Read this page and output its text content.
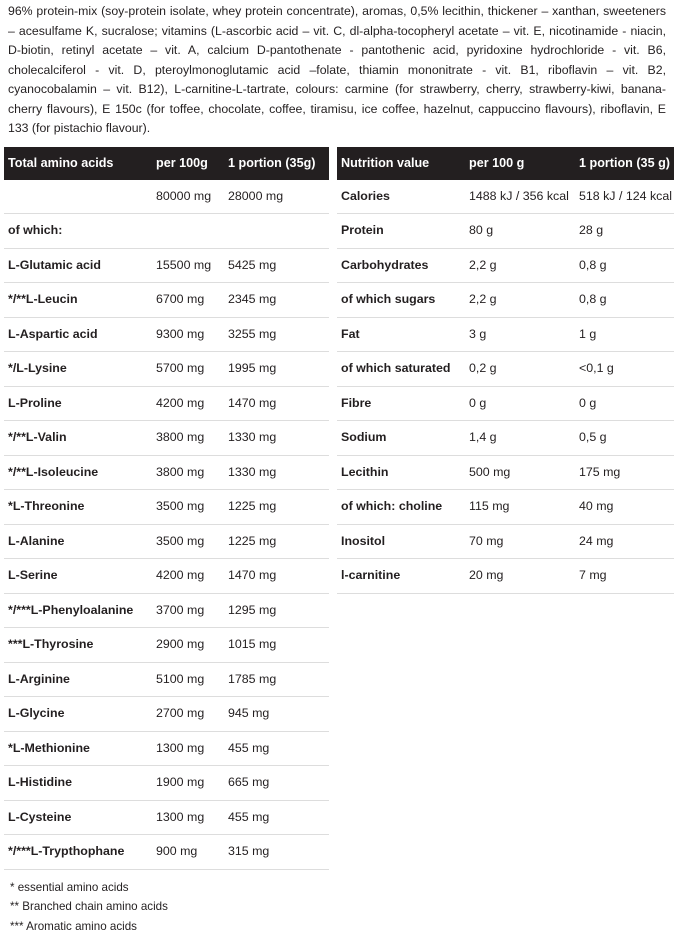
96% protein-mix (soy-protein isolate, whey protein concentrate), aromas, 0,5% lecithin, thickener – xanthan, sweeteners – acesulfame K, sucralose; vitamins (L-ascorbic acid – vit. C, dl-alpha-tocopheryl acetate – vit. E, nicotinamide - niacin, D-biotin, retinyl acetate – vit. A, calcium D-pantothenate - pantothenic acid, pyridoxine hydrochloride - vit. B6, cholecalciferol - vit. D, pteroylmonoglutamic acid –folate, thiamin mononitrate - vit. B1, riboflavin – vit. B2, cyanocobalamin – vit. B12), L-carnitine-L-tartrate, colours: carmine (for strawberry, cherry, strawberry-kiwi, banana-cherry flavours), E 150c (for toffee, chocolate, coffee, tiramisu, ice coffee, hazelnut, cappuccino flavours), riboflavin, E 133 (for pistachio flavour).
Total amino acids	per 100g	1 portion (35g)
	80000 mg	28000 mg
of which:		
L-Glutamic acid	15500 mg	5425 mg
*/**L-Leucin	6700 mg	2345 mg
L-Aspartic acid	9300 mg	3255 mg
*/L-Lysine	5700 mg	1995 mg
L-Proline	4200 mg	1470 mg
*/**L-Valin	3800 mg	1330 mg
*/**L-Isoleucine	3800 mg	1330 mg
*L-Threonine	3500 mg	1225 mg
L-Alanine	3500 mg	1225 mg
L-Serine	4200 mg	1470 mg
*/***L-Phenyloalanine	3700 mg	1295 mg
***L-Thyrosine	2900 mg	1015 mg
L-Arginine	5100 mg	1785 mg
L-Glycine	2700 mg	945 mg
*L-Methionine	1300 mg	455 mg
L-Histidine	1900 mg	665 mg
L-Cysteine	1300 mg	455 mg
*/***L-Trypthophane	900 mg	315 mg
Nutrition value	per 100 g	1 portion (35 g)
Calories	1488 kJ / 356 kcal	518 kJ / 124 kcal
Protein	80 g	28 g
Carbohydrates	2,2 g	0,8 g
of which sugars	2,2 g	0,8 g
Fat	3 g	1 g
of which saturated	0,2 g	<0,1 g
Fibre	0 g	0 g
Sodium	1,4 g	0,5 g
Lecithin	500 mg	175 mg
of which: choline	115 mg	40 mg
Inositol	70 mg	24 mg
l-carnitine	20 mg	7 mg
* essential amino acids
** Branched chain amino acids
*** Aromatic amino acids
